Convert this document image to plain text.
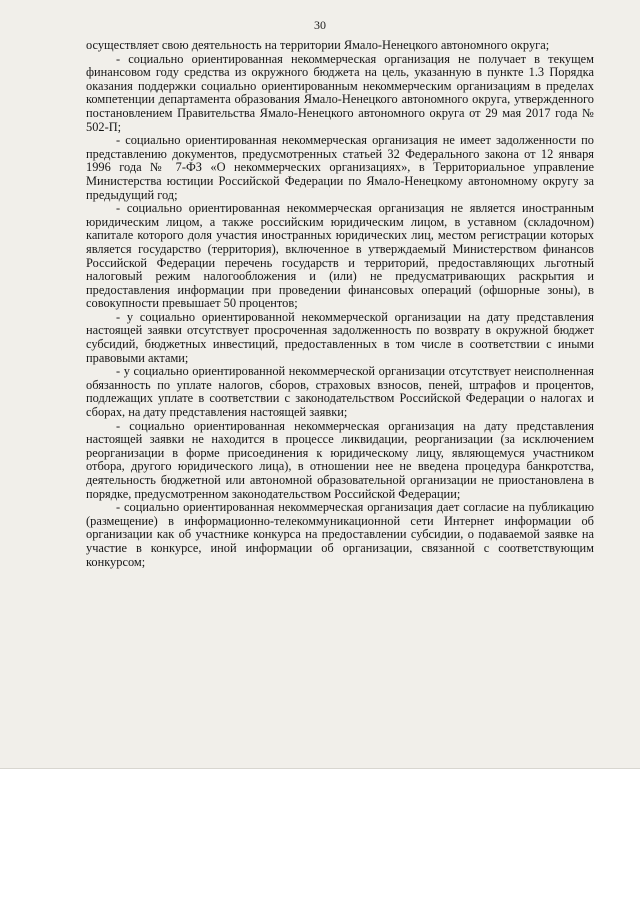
30

осуществляет свою деятельность на территории Ямало-Ненецкого автономного округа;

- социально ориентированная некоммерческая организация не получает в текущем финансовом году средства из окружного бюджета на цель, указанную в пункте 1.3 Порядка оказания поддержки социально ориентированным некоммерческим организациям в пределах компетенции департамента образования Ямало-Ненецкого автономного округа, утвержденного постановлением Правительства Ямало-Ненецкого автономного округа от 29 мая 2017 года № 502-П;

- социально ориентированная некоммерческая организация не имеет задолженности по представлению документов, предусмотренных статьей 32 Федерального закона от 12 января 1996 года № 7-ФЗ «О некоммерческих организациях», в Территориальное управление Министерства юстиции Российской Федерации по Ямало-Ненецкому автономному округу за предыдущий год;

- социально ориентированная некоммерческая организация не является иностранным юридическим лицом, а также российским юридическим лицом, в уставном (складочном) капитале которого доля участия иностранных юридических лиц, местом регистрации которых является государство (территория), включенное в утверждаемый Министерством финансов Российской Федерации перечень государств и территорий, предоставляющих льготный налоговый режим налогообложения и (или) не предусматривающих раскрытия и предоставления информации при проведении финансовых операций (офшорные зоны), в совокупности превышает 50 процентов;

- у социально ориентированной некоммерческой организации на дату представления настоящей заявки отсутствует просроченная задолженность по возврату в окружной бюджет субсидий, бюджетных инвестиций, предоставленных в том числе в соответствии с иными правовыми актами;

- у социально ориентированной некоммерческой организации отсутствует неисполненная обязанность по уплате налогов, сборов, страховых взносов, пеней, штрафов и процентов, подлежащих уплате в соответствии с законодательством Российской Федерации о налогах и сборах, на дату представления настоящей заявки;

- социально ориентированная некоммерческая организация на дату представления настоящей заявки не находится в процессе ликвидации, реорганизации (за исключением реорганизации в форме присоединения к юридическому лицу, являющемуся участником отбора, другого юридического лица), в отношении нее не введена процедура банкротства, деятельность бюджетной или автономной образовательной организации не приостановлена в порядке, предусмотренном законодательством Российской Федерации;

- социально ориентированная некоммерческая организация дает согласие на публикацию (размещение) в информационно-телекоммуникационной сети Интернет информации об организации как об участнике конкурса на предоставлении субсидии, о подаваемой заявке на участие в конкурсе, иной информации об организации, связанной с соответствующим конкурсом;
